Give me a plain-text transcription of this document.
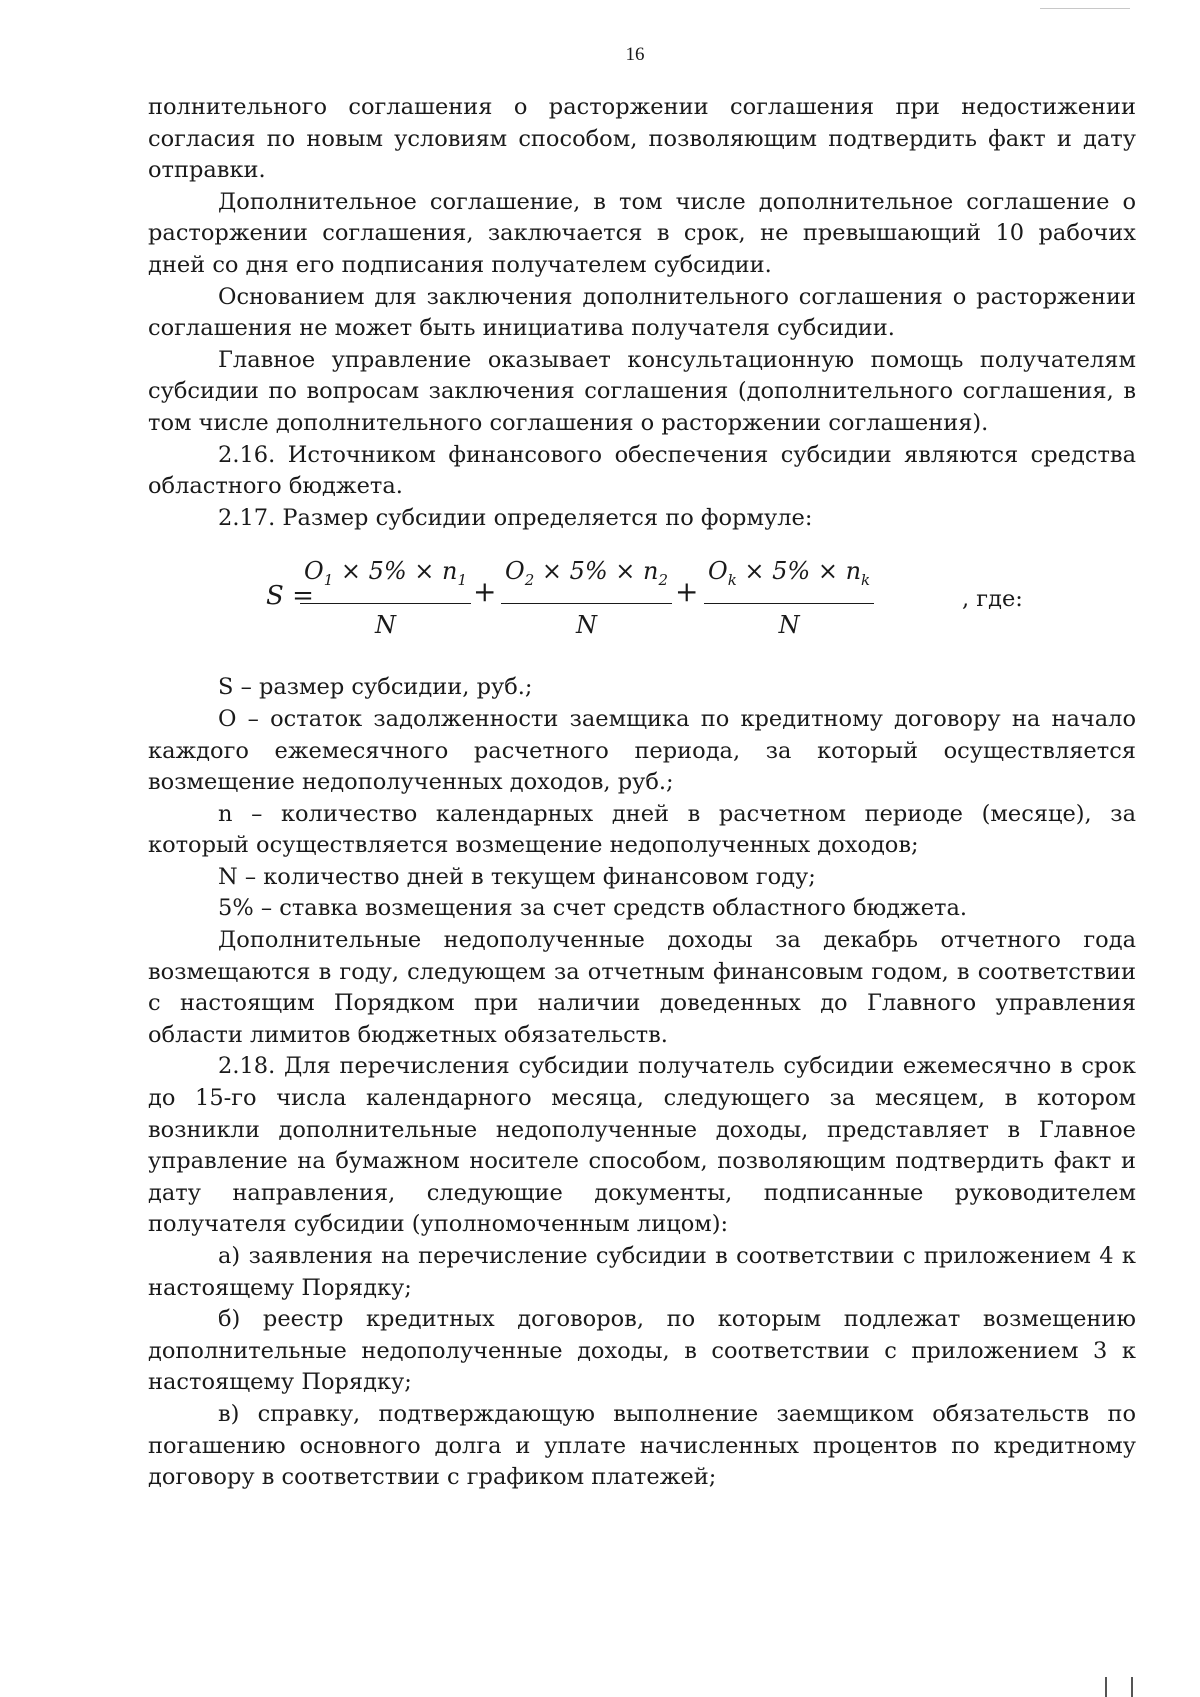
16

полнительного соглашения о расторжении соглашения при недостижении согласия по новым условиям способом, позволяющим подтвердить факт и дату отправки.

Дополнительное соглашение, в том числе дополнительное соглашение о расторжении соглашения, заключается в срок, не превышающий 10 рабочих дней со дня его подписания получателем субсидии.

Основанием для заключения дополнительного соглашения о расторжении соглашения не может быть инициатива получателя субсидии.

Главное управление оказывает консультационную помощь получателям субсидии по вопросам заключения соглашения (дополнительного соглашения, в том числе дополнительного соглашения о расторжении соглашения).

2.16. Источником финансового обеспечения субсидии являются средства областного бюджета.

2.17. Размер субсидии определяется по формуле:

S =
$\frac{O_1 \times 5\% \times n_1}{N} + \frac{O_2 \times 5\% \times n_2}{N} + \frac{O_k \times 5\% \times n_k}{N}$	, где:

S – размер субсидии, руб.;

О – остаток задолженности заемщика по кредитному договору на начало каждого ежемесячного расчетного периода, за который осуществляется возмещение недополученных доходов, руб.;

n – количество календарных дней в расчетном периоде (месяце), за который осуществляется возмещение недополученных доходов;

N – количество дней в текущем финансовом году;

5% – ставка возмещения за счет средств областного бюджета.

Дополнительные недополученные доходы за декабрь отчетного года возмещаются в году, следующем за отчетным финансовым годом, в соответствии с настоящим Порядком при наличии доведенных до Главного управления области лимитов бюджетных обязательств.

2.18. Для перечисления субсидии получатель субсидии ежемесячно в срок до 15-го числа календарного месяца, следующего за месяцем, в котором возникли дополнительные недополученные доходы, представляет в Главное управление на бумажном носителе способом, позволяющим подтвердить факт и дату направления, следующие документы, подписанные руководителем получателя субсидии (уполномоченным лицом):

а) заявления на перечисление субсидии в соответствии с приложением 4 к настоящему Порядку;

б) реестр кредитных договоров, по которым подлежат возмещению дополнительные недополученные доходы, в соответствии с приложением 3 к настоящему Порядку;

в) справку, подтверждающую выполнение заемщиком обязательств по погашению основного долга и уплате начисленных процентов по кредитному договору в соответствии с графиком платежей;
